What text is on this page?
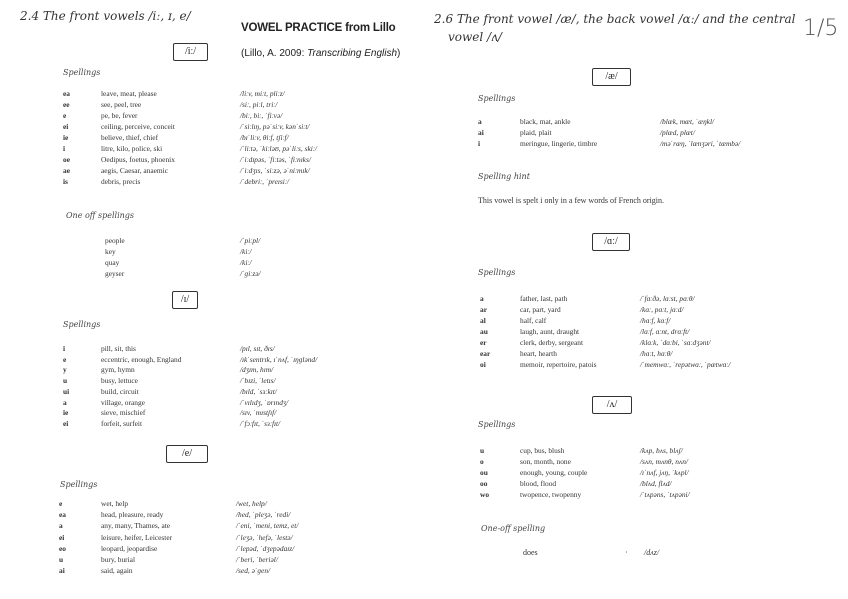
2.4 The front vowels /iː, ɪ, e/
VOWEL PRACTICE from Lillo
(Lillo, A. 2009: Transcribing English)
/iː/
Spellings
ea	leave, meat, please	/liːv, miːt, pliːz/
ee	see, peel, tree	/siː, piːl, triː/
e	pe, be, fever	/biː, biː, ˈfiːvə/
ei	ceiling, perceive, conceit	/ˈsiːlɪŋ, pəˈsiːv, kənˈsiːt/
ie	believe, thief, chief	/bɪˈliːv, θiːf, tʃiːf/
i	litre, kilo, police, ski	/ˈliːtə, ˈkiːləʊ, pəˈliːs, skiː/
oe	Oedipus, foetus, phoenix	/ˈiːdɪpəs, ˈfiːtəs, ˈfiːnɪks/
ae	aegis, Caesar, anaemic	/ˈiːdʒɪs, ˈsiːzə, əˈniːmɪk/
is	debris, precis	/ˈdebriː, ˈpreɪsiː/
One off spellings
people	/ˈpiːpl/
key	/kiː/
quay	/kiː/
geyser	/ˈɡiːzə/
/ɪ/
Spellings
i	pill, sit, this	/pɪl, sɪt, ðɪs/
e	eccentric, enough, England	/ɪkˈsentrɪk, ɪˈnʌf, ˈɪŋɡlənd/
y	gym, hymn	/dʒɪm, hɪm/
u	busy, lettuce	/ˈbɪzi, ˈletɪs/
ui	build, circuit	/bɪld, ˈsɜːkɪt/
a	village, orange	/ˈvɪlɪdʒ, ˈɒrɪndʒ/
ie	sieve, mischief	/sɪv, ˈmɪstʃɪf/
ei	forfeit, surfeit	/ˈfɔːfɪt, ˈsɜːfɪt/
/e/
Spellings
e	wet, help	/wet, help/
ea	head, pleasure, ready	/hed, ˈpleʒə, ˈredi/
a	any, many, Thames, ate	/ˈeni, ˈmeni, temz, et/
ei	leisure, heifer, Leicester	/ˈleʒə, ˈhefə, ˈlestə/
eo	leopard, jeopardise	/ˈlepəd, ˈdʒepədaɪz/
u	bury, burial	/ˈberi, ˈberiəl/
ai	said, again	/sed, əˈɡen/
2.6 The front vowel /æ/, the back vowel /ɑː/ and the central
vowel /ʌ/	1/5
/æ/
Spellings
a	black, mat, ankle	/blæk, mæt, ˈæŋkl/
ai	plaid, plait	/plæd, plæt/
i	meringue, lingerie, timbre	/məˈræŋ, ˈlænʒəri, ˈtæmbə/
Spelling hint
This vowel is spelt i only in a few words of French origin.
/ɑː/
Spellings
a	father, last, path	/ˈfɑːðə, lɑːst, pɑːθ/
ar	car, part, yard	/kɑː, pɑːt, jɑːd/
al	half, calf	/hɑːf, kɑːf/
au	laugh, aunt, draught	/lɑːf, ɑːnt, drɑːft/
er	clerk, derby, sergeant	/klɑːk, ˈdɑːbi, ˈsɑːdʒənt/
ear	heart, hearth	/hɑːt, hɑːθ/
oi	memoir, repertoire, patois	/ˈmemwɑː, ˈrepətwɑː, ˈpætwɑː/
/ʌ/
Spellings
u	cup, bus, blush	/kʌp, bʌs, blʌʃ/
o	son, month, none	/sʌn, mʌnθ, nʌn/
ou	enough, young, couple	/ɪˈnʌf, jʌŋ, ˈkʌpl/
oo	blood, flood	/blʌd, flʌd/
wo	twopence, twopenny	/ˈtʌpəns, ˈtʌpəni/
One-off spelling
does	· /dʌz/
